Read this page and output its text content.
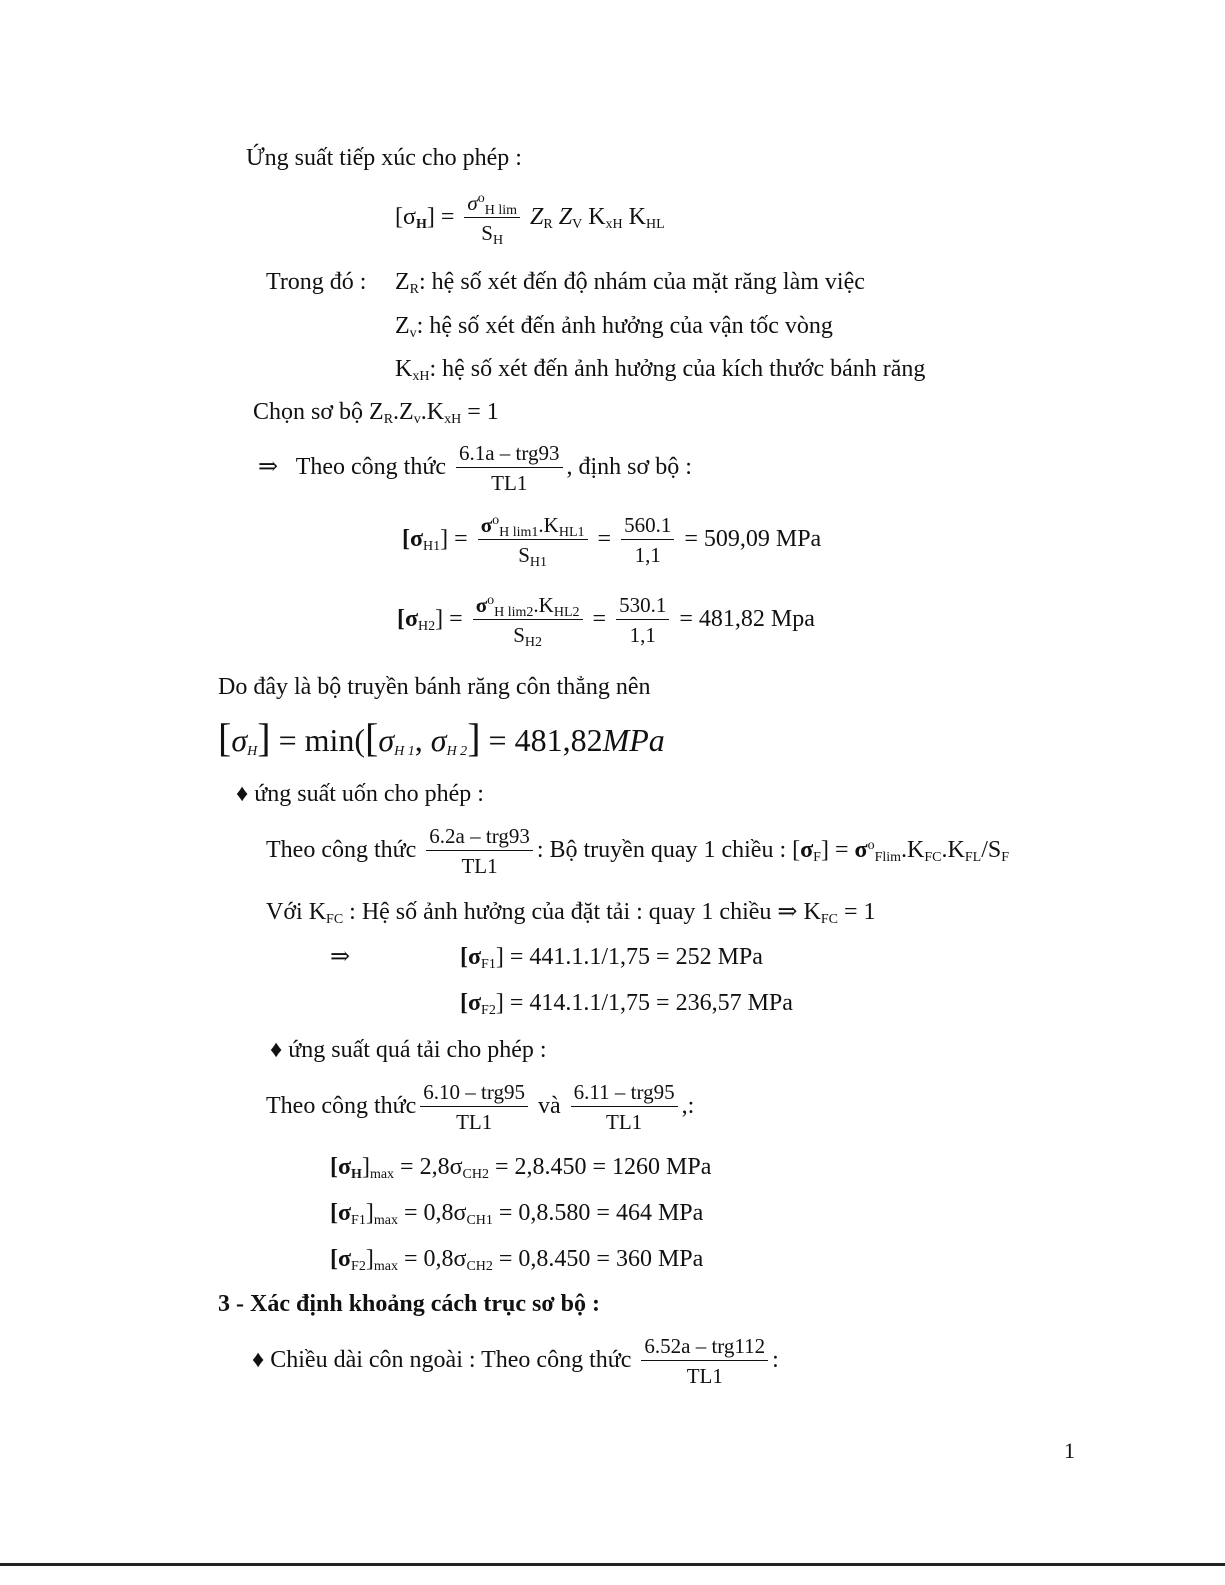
Ứng suất tiếp xúc cho phép :
$[\sigma_H] = \frac{\sigma^o_{H lim}}{S_H} Z_R$ $Z_V$ $K_{xH}$ $K_{HL}$
Trong đó : $Z_R$: hệ số xét đến độ nhám của mặt răng làm việc
$Z_v$: hệ số xét đến ảnh hưởng của vận tốc vòng
$K_{xH}$: hệ số xét đến ảnh hưởng của kích thước bánh răng
Chọn sơ bộ $Z_R.Z_v.K_{xH} = 1$
⇒ Theo công thức $\frac{\text{6.1a – trg93}}{TL1}$ , định sơ bộ :
$[\sigma_{H1}] = \frac{\sigma^o_{H lim1}.K_{HL1}}{S_{H1}} = \frac{560.1}{1,1} = 509,09$ MPa
$[\sigma_{H2}] = \frac{\sigma^o_{H lim2}.K_{HL2}}{S_{H2}} = \frac{530.1}{1,1} = 481,82$ Mpa
Do đây là bộ truyền bánh răng côn thẳng nên
$[\sigma_H] = \min([\sigma_{H 1}$, $\sigma_{H 2}] = 481,82MPa$
♦ ứng suất uốn cho phép :
Theo công thức $\frac{\text{6.2a – trg93}}{TL1}$ : Bộ truyền quay 1 chiều : $[\sigma_F] = \sigma^o_{Flim}.K_{FC}.K_{FL}/S_F$
Với $K_{FC}$ : Hệ số ảnh hưởng của đặt tải : quay 1 chiều ⇒ $K_{FC} = 1$
⇒	$[\sigma_{F1}] = 441.1.1/1,75 = 252$ MPa
$[\sigma_{F2}] = 414.1.1/1,75 = 236,57$ MPa
♦ ứng suất quá tải cho phép :
Theo công thức $\frac{\text{6.10 – trg95}}{TL1}$ và $\frac{\text{6.11 – trg95}}{TL1}$ ,:
$[\sigma_H]_{max} = 2,8\sigma_{CH2} = 2,8.450 = 1260$ MPa
$[\sigma_{F1}]_{max} = 0,8\sigma_{CH1} = 0,8.580 = 464$ MPa
$[\sigma_{F2}]_{max} = 0,8\sigma_{CH2} = 0,8.450 = 360$ MPa
3 - Xác định khoảng cách trục sơ bộ :
♦ Chiều dài côn ngoài : Theo công thức $\frac{\text{6.52a – trg112}}{TL1}$ :
1
